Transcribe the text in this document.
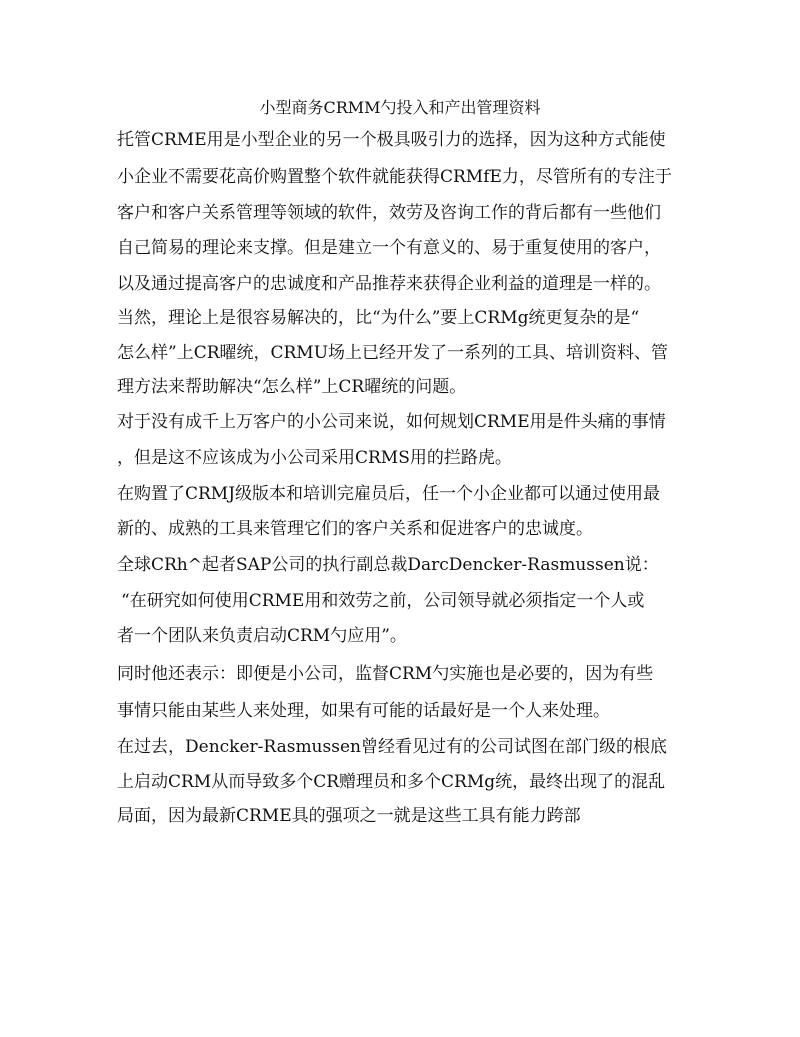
小型商务CRMM勺投入和产出管理资料
托管CRME用是小型企业的另一个极具吸引力的选择，因为这种方式能使
小企业不需要花高价购置整个软件就能获得CRMfE力，尽管所有的专注于
客户和客户关系管理等领域的软件，效劳及咨询工作的背后都有一些他们
自己简易的理论来支撑。但是建立一个有意义的、易于重复使用的客户，
以及通过提高客户的忠诚度和产品推荐来获得企业利益的道理是一样的。
当然，理论上是很容易解决的，比“为什么”要上CRMg统更复杂的是“
怎么样”上CR曜统，CRMU场上已经开发了一系列的工具、培训资料、管
理方法来帮助解决“怎么样”上CR曜统的问题。
对于没有成千上万客户的小公司来说，如何规划CRME用是件头痛的事情
，但是这不应该成为小公司采用CRMS用的拦路虎。
在购置了CRMJ级版本和培训完雇员后，任一个小企业都可以通过使用最
新的、成熟的工具来管理它们的客户关系和促进客户的忠诚度。
全球CRh^起者SAP公司的执行副总裁DarcDencker-Rasmussen说：
“在研究如何使用CRME用和效劳之前，公司领导就必须指定一个人或
者一个团队来负责启动CRM勺应用”。
同时他还表示：即便是小公司，监督CRM勺实施也是必要的，因为有些
事情只能由某些人来处理，如果有可能的话最好是一个人来处理。
在过去，Dencker-Rasmussen曾经看见过有的公司试图在部门级的根底
上启动CRM从而导致多个CR赠理员和多个CRMg统，最终出现了的混乱
局面，因为最新CRME具的强项之一就是这些工具有能力跨部
